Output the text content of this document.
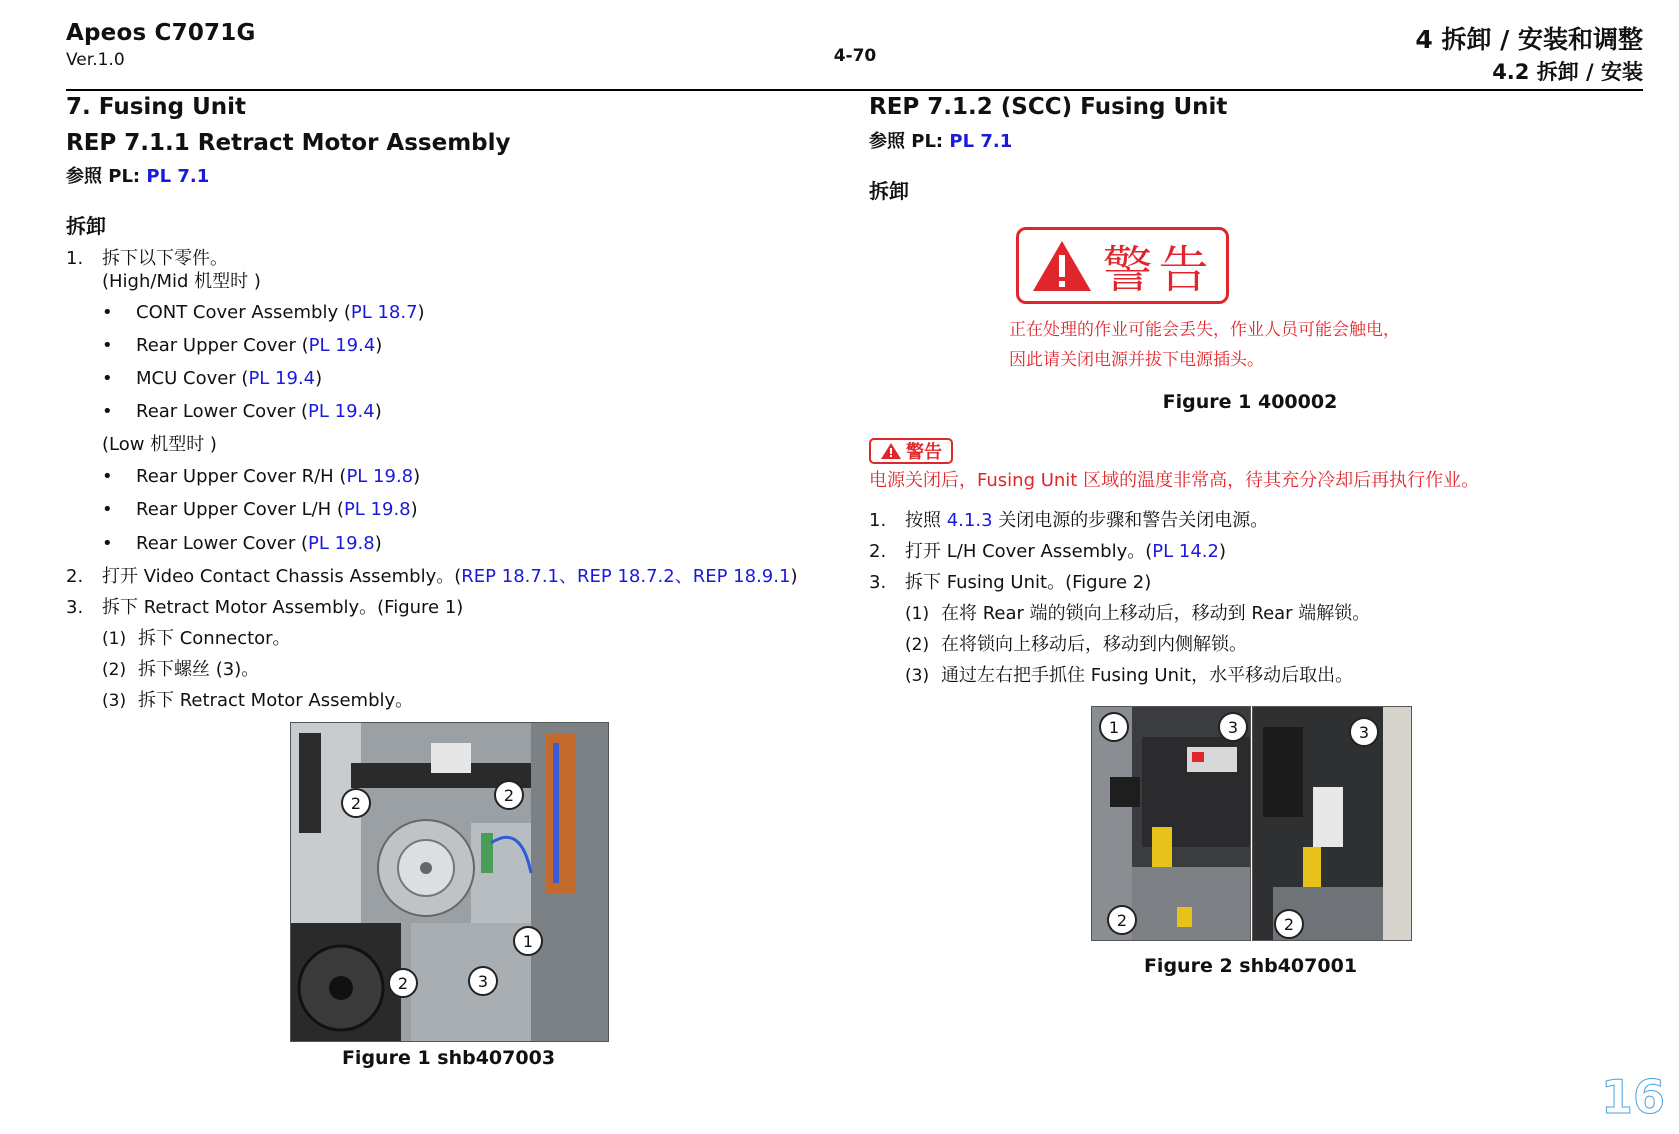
Apeos C7071G
Ver.1.0	4-70
4 拆卸 / 安装和调整
4.2 拆卸 / 安装
7. Fusing Unit
REP 7.1.1 Retract Motor Assembly
参照 PL: PL 7.1
拆卸
1. 拆下以下零件。
(High/Mid 机型时 )
• CONT Cover Assembly (PL 18.7)
• Rear Upper Cover (PL 19.4)
• MCU Cover (PL 19.4)
• Rear Lower Cover (PL 19.4)
(Low 机型时 )
• Rear Upper Cover R/H (PL 19.8)
• Rear Upper Cover L/H (PL 19.8)
• Rear Lower Cover (PL 19.8)
2. 打开 Video Contact Chassis Assembly。(REP 18.7.1、REP 18.7.2、REP 18.9.1)
3. 拆下 Retract Motor Assembly。(Figure 1)
(1) 拆下 Connector。
(2) 拆下螺丝 (3)。
(3) 拆下 Retract Motor Assembly。
2	2
1
2	3
Figure 1 shb407003
REP 7.1.2 (SCC) Fusing Unit
参照 PL: PL 7.1
拆卸
警告
正在处理的作业可能会丢失，作业人员可能会触电，
因此请关闭电源并拔下电源插头。
Figure 1 400002
警告
电源关闭后，Fusing Unit 区域的温度非常高，待其充分冷却后再执行作业。
1. 按照 4.1.3 关闭电源的步骤和警告关闭电源。
2. 打开 L/H Cover Assembly。(PL 14.2)
3. 拆下 Fusing Unit。(Figure 2)
(1) 在将 Rear 端的锁向上移动后，移动到 Rear 端解锁。
(2) 在将锁向上移动后，移动到内侧解锁。
(3) 通过左右把手抓住 Fusing Unit，水平移动后取出。
1	3
2
3
2
Figure 2 shb407001
16
